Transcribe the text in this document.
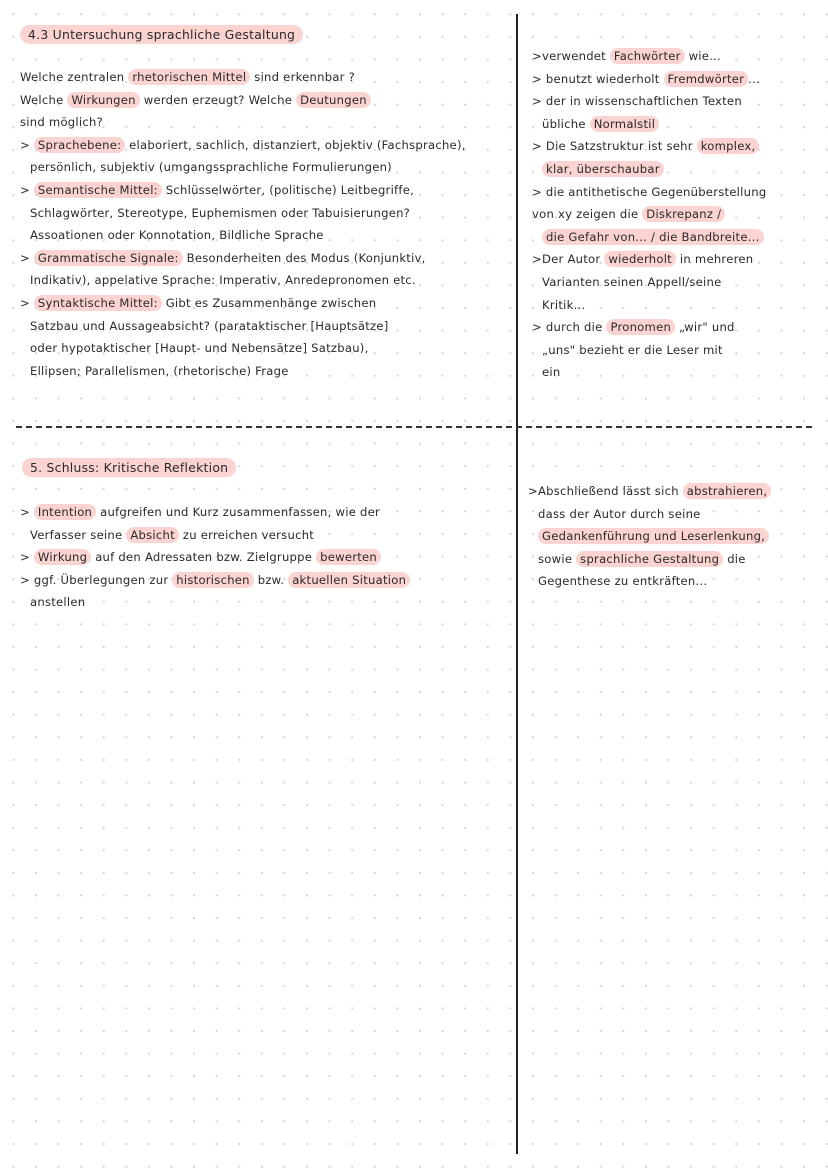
4.3 Untersuchung sprachliche Gestaltung
Welche zentralen rhetorischen Mittel sind erkennbar ?
Welche Wirkungen werden erzeugt? Welche Deutungen
sind möglich?
> Sprachebene: elaboriert, sachlich, distanziert, objektiv (Fachsprache),
persönlich, subjektiv (umgangssprachliche Formulierungen)
> Semantische Mittel: Schlüsselwörter, (politische) Leitbegriffe,
Schlagwörter, Stereotype, Euphemismen oder Tabuisierungen?
Assoationen oder Konnotation, Bildliche Sprache
> Grammatische Signale: Besonderheiten des Modus (Konjunktiv,
Indikativ), appelative Sprache: Imperativ, Anredepronomen etc.
> Syntaktische Mittel: Gibt es Zusammenhänge zwischen
Satzbau und Aussageabsicht? (parataktischer [Hauptsätze]
oder hypotaktischer [Haupt- und Nebensätze] Satzbau),
Ellipsen; Parallelismen, (rhetorische) Frage
>verwendet Fachwörter wie...
> benutzt wiederholt Fremdwörter ...
> der in wissenschaftlichen Texten
übliche Normalstil
> Die Satzstruktur ist sehr komplex,
klar, überschaubar
> die antithetische Gegenüberstellung
von xy zeigen die Diskrepanz /
die Gefahr von... / die Bandbreite...
>Der Autor wiederholt in mehreren
Varianten seinen Appell/seine
Kritik...
> durch die Pronomen „wir" und
„uns" bezieht er die Leser mit
ein
5. Schluss: Kritische Reflektion
> Intention aufgreifen und Kurz zusammenfassen, wie der
Verfasser seine Absicht zu erreichen versucht
> Wirkung auf den Adressaten bzw. Zielgruppe bewerten
> ggf. Überlegungen zur historischen bzw. aktuellen Situation
anstellen
>Abschließend lässt sich abstrahieren,
dass der Autor durch seine
Gedankenführung und Leserlenkung,
sowie sprachliche Gestaltung die
Gegenthese zu entkräften...
